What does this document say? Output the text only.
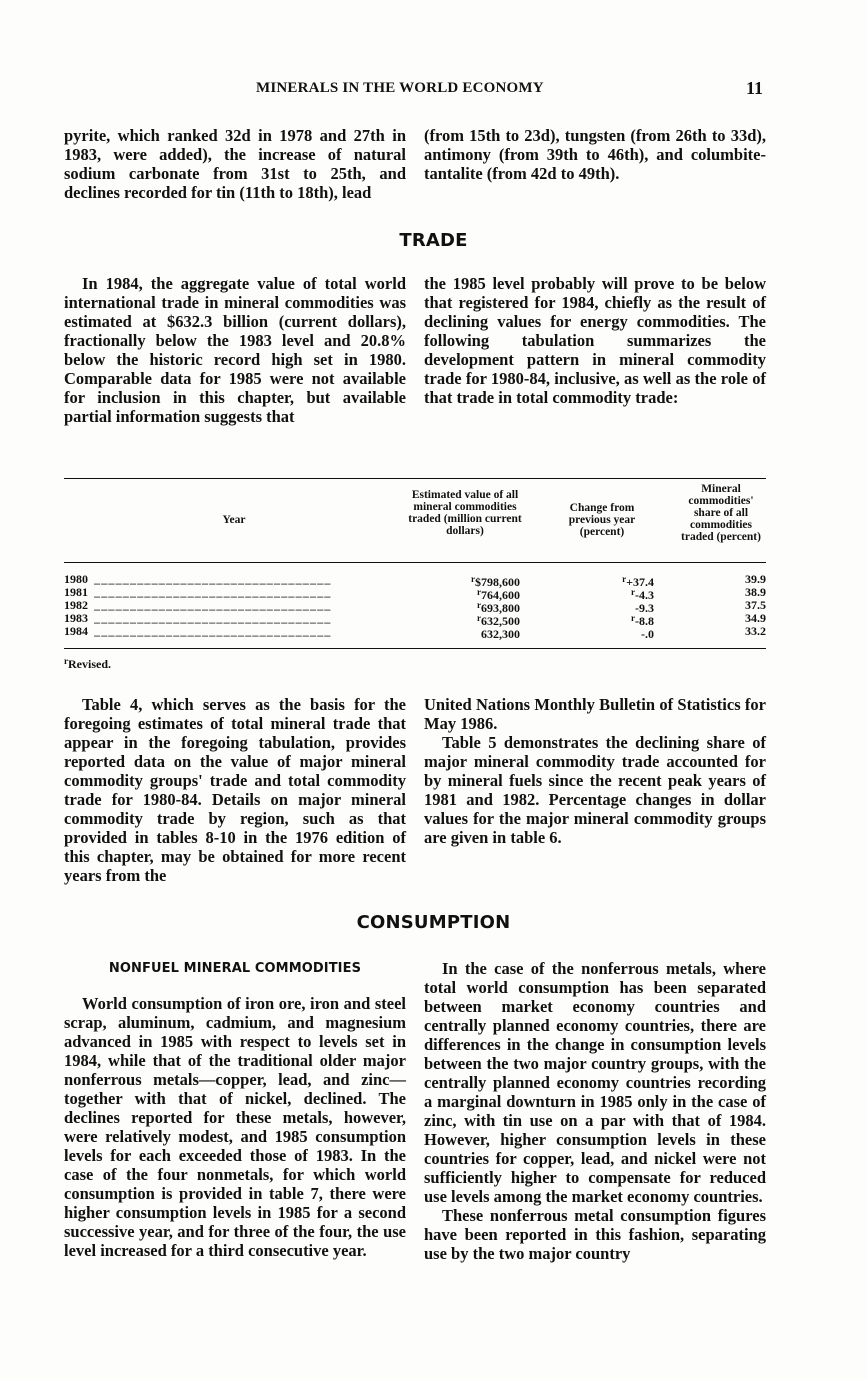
MINERALS IN THE WORLD ECONOMY	11

pyrite, which ranked 32d in 1978 and 27th in 1983, were added), the increase of natural sodium carbonate from 31st to 25th, and declines recorded for tin (11th to 18th), lead

(from 15th to 23d), tungsten (from 26th to 33d), antimony (from 39th to 46th), and columbite-tantalite (from 42d to 49th).

TRADE

In 1984, the aggregate value of total world international trade in mineral commodities was estimated at $632.3 billion (current dollars), fractionally below the 1983 level and 20.8% below the historic record high set in 1980. Comparable data for 1985 were not available for inclusion in this chapter, but available partial information suggests that

the 1985 level probably will prove to be below that registered for 1984, chiefly as the result of declining values for energy commodities. The following tabulation summarizes the development pattern in mineral commodity trade for 1980-84, inclusive, as well as the role of that trade in total commodity trade:

Year
Estimated value of all mineral commodities traded (million current dollars)
Change from previous year (percent)
Mineral commodities' share of all commodities traded (percent)
1980 _________________________________	$^r$\$798,600	$^r$+37.4	39.9
1981 _________________________________	$^r$764,600	$^r$-4.3	38.9
1982 _________________________________	$^r$693,800	-9.3	37.5
1983 _________________________________	$^r$632,500	$^r$-8.8	34.9
1984 _________________________________	632,300	-.0	33.2
$^r$Revised.

Table 4, which serves as the basis for the foregoing estimates of total mineral trade that appear in the foregoing tabulation, provides reported data on the value of major mineral commodity groups' trade and total commodity trade for 1980-84. Details on major mineral commodity trade by region, such as that provided in tables 8-10 in the 1976 edition of this chapter, may be obtained for more recent years from the

United Nations Monthly Bulletin of Statistics for May 1986.

Table 5 demonstrates the declining share of major mineral commodity trade accounted for by mineral fuels since the recent peak years of 1981 and 1982. Percentage changes in dollar values for the major mineral commodity groups are given in table 6.

CONSUMPTION
NONFUEL MINERAL COMMODITIES

World consumption of iron ore, iron and steel scrap, aluminum, cadmium, and magnesium advanced in 1985 with respect to levels set in 1984, while that of the traditional older major nonferrous metals—copper, lead, and zinc—together with that of nickel, declined. The declines reported for these metals, however, were relatively modest, and 1985 consumption levels for each exceeded those of 1983. In the case of the four nonmetals, for which world consumption is provided in table 7, there were higher consumption levels in 1985 for a second successive year, and for three of the four, the use level increased for a third consecutive year.

In the case of the nonferrous metals, where total world consumption has been separated between market economy countries and centrally planned economy countries, there are differences in the change in consumption levels between the two major country groups, with the centrally planned economy countries recording a marginal downturn in 1985 only in the case of zinc, with tin use on a par with that of 1984. However, higher consumption levels in these countries for copper, lead, and nickel were not sufficiently higher to compensate for reduced use levels among the market economy countries.

These nonferrous metal consumption figures have been reported in this fashion, separating use by the two major country
